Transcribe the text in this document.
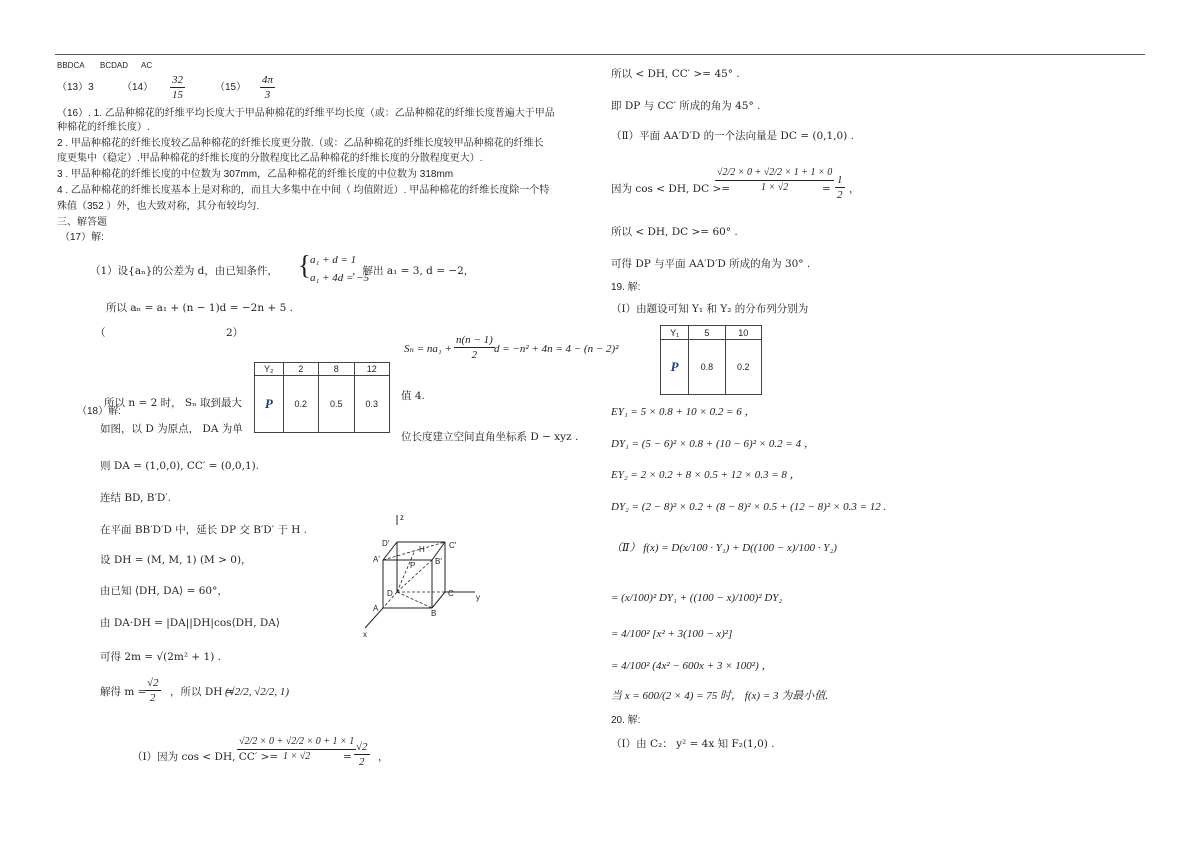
BBDCA BCDAD AC
（13）3	$(14) \frac{32}{15}$	$(15) \frac{4\pi}{3}$
（16）. 1. 乙品种棉花的纤维平均长度大于甲品种棉花的纤维平均长度（或：乙品种棉花的纤维长度普遍大于甲品
种棉花的纤维长度）.
2 . 甲品种棉花的纤维长度较乙品种棉花的纤维长度更分散.（或：乙品种棉花的纤维长度较甲品种棉花的纤维长
度更集中（稳定）.甲品种棉花的纤维长度的分散程度比乙品种棉花的纤维长度的分散程度更大）.
3 . 甲品种棉花的纤维长度的中位数为 307mm，乙品种棉花的纤维长度的中位数为 318mm
4 . 乙品种棉花的纤维长度基本上是对称的，而且大多集中在中间（ 均值附近）. 甲品种棉花的纤维长度除一个特
殊值（352 ）外，也大致对称，其分布较均匀.
三、解答题
（17）解:
（1）设{aₙ}的公差为 d，由已知条件， { a₁ + d = 1
a₁ + 4d = −5
，解出 a₁ = 3, d = −2，
所以 aₙ = a₁ + (n − 1)d = −2n + 5 .
（	2）
$S_n = na_1 + \frac{n(n - 1)}{2}$ d = −n² + 4n = 4 − (n − 2)²
Y₂	2	8	12
P	0.2	0.5	0.3
所以 n = 2 时， Sₙ 取到最大
值 4.
（18）解:
如图，以 D 为原点， DA 为单
位长度建立空间直角坐标系 D − xyz .
则 DA = (1,0,0), CC′ = (0,0,1).
连结 BD, B′D′.
在平面 BB′D′D 中，延长 DP 交 B′D′ 于 H .
设 DH = (M, M, 1) (M > 0)，
由已知 ⟨DH, DA⟩ = 60°，
由 DA·DH = |DA||DH|cos⟨DH, DA⟩
可得 2m = √(2m² + 1) .
解得 m =
$\frac{√2}{2}$ ，所以 DH =
(√2/2, √2/2, 1)
（Ⅰ）因为 cos < DH, CC′ >=
$\frac{√2/2 \times 0 + √2/2 \times 0 + 1 \times 1}{1 \times √2}$
= $\frac{√2}{2}$ ，
z
D′
H	C′
A′
P B′
D	C	y
A
B
x
所以 < DH, CC′ >= 45° .
即 DP 与 CC′ 所成的角为 45° .
（Ⅱ）平面 AA′D′D 的一个法向量是 DC = (0,1,0) .
因为 cos < DH, DC >=
$\frac{√2/2 \times 0 + √2/2 \times 1 + 1 \times 0}{1 \times √2}$
= $\frac{1}{2}$ ，
所以 < DH, DC >= 60° .
可得 DP 与平面 AA′D′D 所成的角为 30° .
19. 解:
（Ⅰ）由题设可知 Y₁ 和 Y₂ 的分布列分别为
Y₁	5	10
P	0.8	0.2
EY₁ = 5 × 0.8 + 10 × 0.2 = 6 ，
DY₁ = (5 − 6)² × 0.8 + (10 − 6)² × 0.2 = 4 ，
EY₂ = 2 × 0.2 + 8 × 0.5 + 12 × 0.3 = 8 ，
DY₂ = (2 − 8)² × 0.2 + (8 − 8)² × 0.5 + (12 − 8)² × 0.3 = 12 .
（Ⅱ） f(x) = D(x/100 · Y₁) + D((100 − x)/100 · Y₂)
= (x/100)² DY₁ + ((100 − x)/100)² DY₂
= 4/100² [x² + 3(100 − x)²]
= 4/100² (4x² − 600x + 3 × 100²) ，
当 x = 600/(2 × 4) = 75 时， f(x) = 3 为最小值.
20. 解:
（Ⅰ）由 C₂： y² = 4x 知 F₂(1,0) .
